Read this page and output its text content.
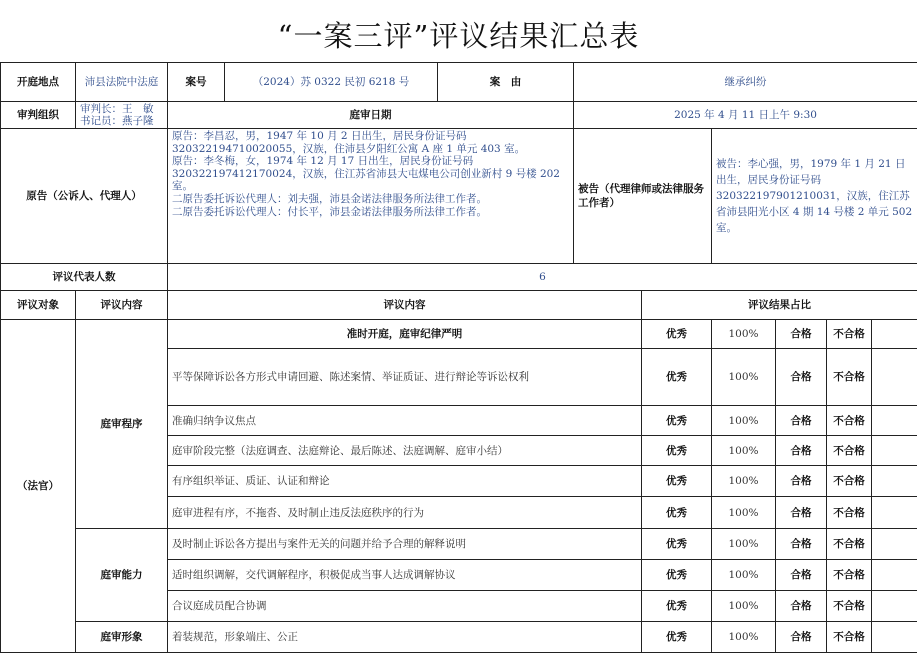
“一案三评”评议结果汇总表
开庭地点	沛县法院中法庭	案号	（2024）苏 0322 民初 6218 号	案　由	继承纠纷					
审判组织	审判长：王　敏
书记员：燕子隆	庭审日期			2025 年 4 月 11 日上午 9:30					
原告（公诉人、代理人）		原告：李昌忍，男，1947 年 10 月 2 日出生，居民身份证号码 320322194710020055，汉族，住沛县夕阳红公寓 A 座 1 单元 403 室。
原告：李冬梅，女，1974 年 12 月 17 日出生，居民身份证号码 320322197412170024，汉族，住江苏省沛县大屯煤电公司创业新村 9 号楼 202 室。
二原告委托诉讼代理人：刘夫强，沛县金诺法律服务所法律工作者。
二原告委托诉讼代理人：付长平，沛县金诺法律服务所法律工作者。			被告（代理律师或法律服务工作者）		被告：李心强，男，1979 年 1 月 21 日出生，居民身份证号码 320322197901210031，汉族，住江苏省沛县阳光小区 4 期 14 号楼 2 单元 502 室。			
评议代表人数		6								
评议对象	评议内容	评议内容				评议结果占比				
（法官）	庭审程序	准时开庭，庭审纪律严明				优秀	100%	合格	不合格	
		平等保障诉讼各方形式申请回避、陈述案情、举证质证、进行辩论等诉讼权利				优秀	100%	合格	不合格	
		准确归纳争议焦点				优秀	100%	合格	不合格	
		庭审阶段完整（法庭调查、法庭辩论、最后陈述、法庭调解、庭审小结）				优秀	100%	合格	不合格	
		有序组织举证、质证、认证和辩论				优秀	100%	合格	不合格	
		庭审进程有序，不拖沓、及时制止违反法庭秩序的行为				优秀	100%	合格	不合格	
	庭审能力	及时制止诉讼各方提出与案件无关的问题并给予合理的解释说明				优秀	100%	合格	不合格	
		适时组织调解，交代调解程序，积极促成当事人达成调解协议				优秀	100%	合格	不合格	
		合议庭成员配合协调				优秀	100%	合格	不合格	
	庭审形象	着装规范，形象端庄、公正				优秀	100%	合格	不合格	
